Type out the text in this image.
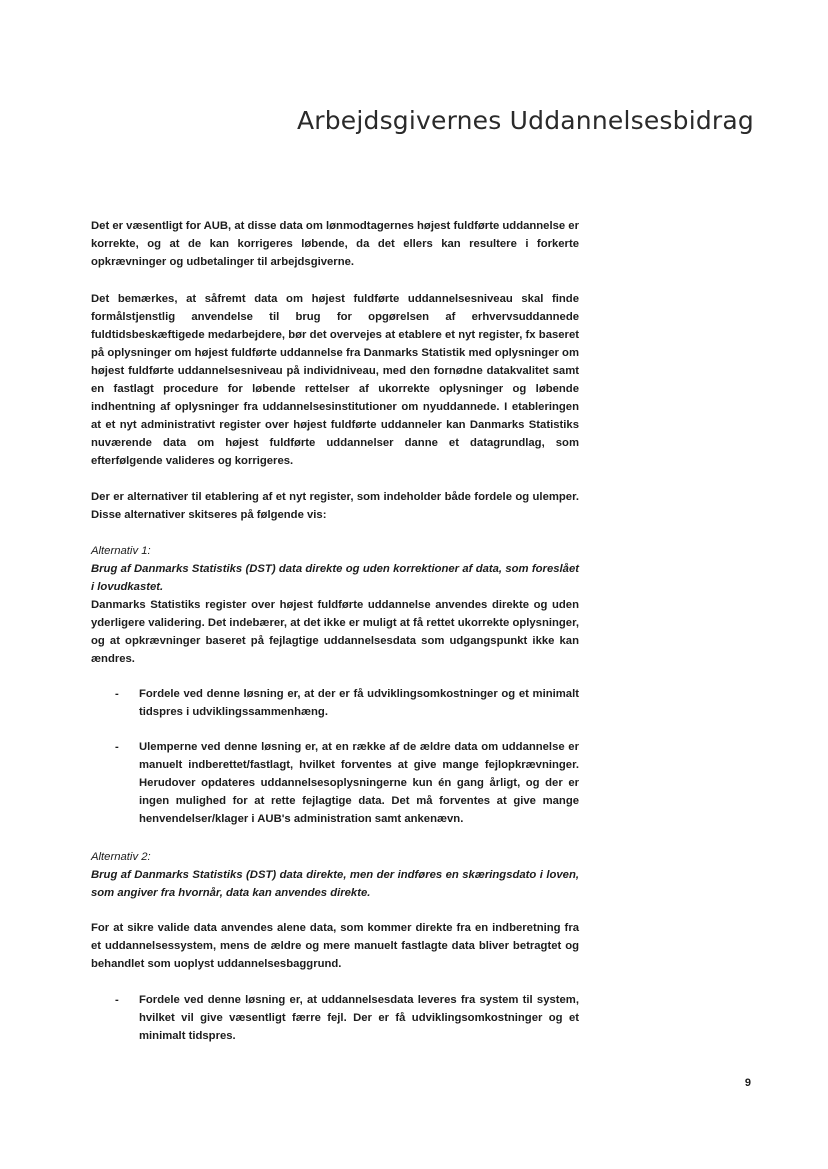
Arbejdsgivernes Uddannelsesbidrag

Det er væsentligt for AUB, at disse data om lønmodtagernes højest fuldførte uddannelse er korrekte, og at de kan korrigeres løbende, da det ellers kan resultere i forkerte opkrævninger og udbetalinger til arbejdsgiverne.

Det bemærkes, at såfremt data om højest fuldførte uddannelsesniveau skal finde formålstjenstlig anvendelse til brug for opgørelsen af erhvervsuddannede fuldtidsbeskæftigede medarbejdere, bør det overvejes at etablere et nyt register, fx baseret på oplysninger om højest fuldførte uddannelse fra Danmarks Statistik med oplysninger om højest fuldførte uddannelsesniveau på individniveau, med den fornødne datakvalitet samt en fastlagt procedure for løbende rettelser af ukorrekte oplysninger og løbende indhentning af oplysninger fra uddannelsesinstitutioner om nyuddannede. I etableringen at et nyt administrativt register over højest fuldførte uddanneler kan Danmarks Statistiks nuværende data om højest fuldførte uddannelser danne et datagrundlag, som efterfølgende valideres og korrigeres.

Der er alternativer til etablering af et nyt register, som indeholder både fordele og ulemper. Disse alternativer skitseres på følgende vis:

Alternativ 1:

Brug af Danmarks Statistiks (DST) data direkte og uden korrektioner af data, som foreslået i lovudkastet.

Danmarks Statistiks register over højest fuldførte uddannelse anvendes direkte og uden yderligere validering. Det indebærer, at det ikke er muligt at få rettet ukorrekte oplysninger, og at opkrævninger baseret på fejlagtige uddannelsesdata som udgangspunkt ikke kan ændres.

-	Fordele ved denne løsning er, at der er få udviklingsomkostninger og et minimalt tidspres i udviklingssammenhæng.
-	Ulemperne ved denne løsning er, at en række af de ældre data om uddannelse er manuelt indberettet/fastlagt, hvilket forventes at give mange fejlopkrævninger. Herudover opdateres uddannelsesoplysningerne kun én gang årligt, og der er ingen mulighed for at rette fejlagtige data. Det må forventes at give mange henvendelser/klager i AUB's administration samt ankenævn.

Alternativ 2:

Brug af Danmarks Statistiks (DST) data direkte, men der indføres en skæringsdato i loven, som angiver fra hvornår, data kan anvendes direkte.

For at sikre valide data anvendes alene data, som kommer direkte fra en indberetning fra et uddannelsessystem, mens de ældre og mere manuelt fastlagte data bliver betragtet og behandlet som uoplyst uddannelsesbaggrund.

-	Fordele ved denne løsning er, at uddannelsesdata leveres fra system til system, hvilket vil give væsentligt færre fejl. Der er få udviklingsomkostninger og et minimalt tidspres.
9
